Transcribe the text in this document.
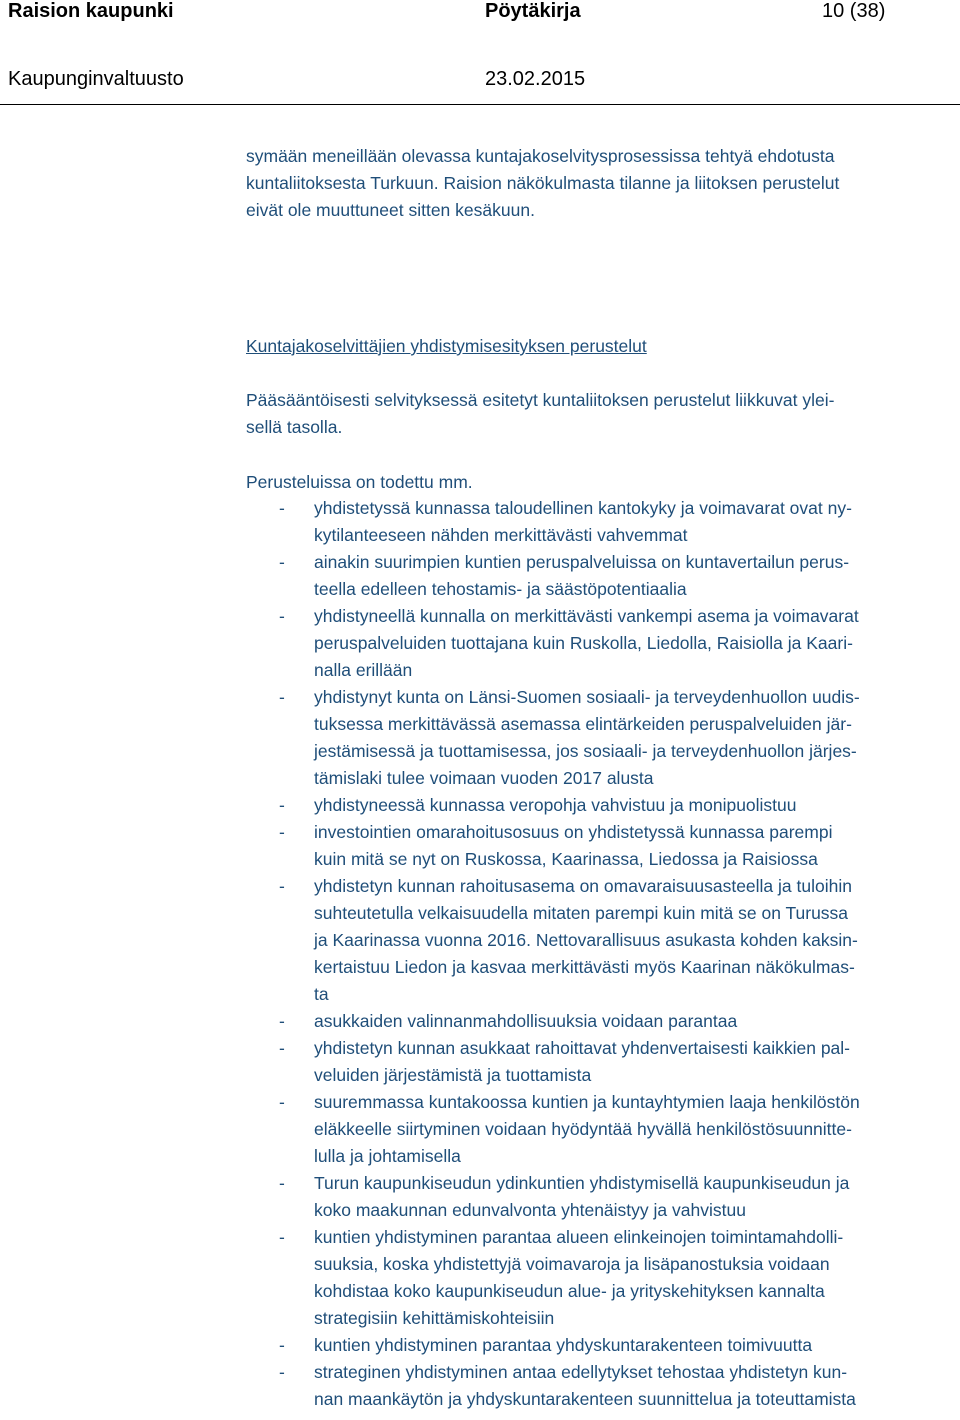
Raision kaupunki	Pöytäkirja	10 (38)
Kaupunginvaltuusto	23.02.2015
symään meneillään olevassa kuntajakoselvitysprosessissa tehtyä ehdotusta
kuntaliitoksesta Turkuun. Raision näkökulmasta tilanne ja liitoksen perustelut
eivät ole muuttuneet sitten kesäkuun.
Kuntajakoselvittäjien yhdistymisesityksen perustelut
Pääsääntöisesti selvityksessä esitetyt kuntaliitoksen perustelut liikkuvat ylei-
sellä tasolla.
Perusteluissa on todettu mm.
- yhdistetyssä kunnassa taloudellinen kantokyky ja voimavarat ovat ny-
kytilanteeseen nähden merkittävästi vahvemmat
- ainakin suurimpien kuntien peruspalveluissa on kuntavertailun perus-
teella edelleen tehostamis- ja säästöpotentiaalia
- yhdistyneellä kunnalla on merkittävästi vankempi asema ja voimavarat
peruspalveluiden tuottajana kuin Ruskolla, Liedolla, Raisiolla ja Kaari-
nalla erillään
- yhdistynyt kunta on Länsi-Suomen sosiaali- ja terveydenhuollon uudis-
tuksessa merkittävässä asemassa elintärkeiden peruspalveluiden jär-
jestämisessä ja tuottamisessa, jos sosiaali- ja terveydenhuollon järjes-
tämislaki tulee voimaan vuoden 2017 alusta
- yhdistyneessä kunnassa veropohja vahvistuu ja monipuolistuu
- investointien omarahoitusosuus on yhdistetyssä kunnassa parempi
kuin mitä se nyt on Ruskossa, Kaarinassa, Liedossa ja Raisiossa
- yhdistetyn kunnan rahoitusasema on omavaraisuusasteella ja tuloihin
suhteutetulla velkaisuudella mitaten parempi kuin mitä se on Turussa
ja Kaarinassa vuonna 2016. Nettovarallisuus asukasta kohden kaksin-
kertaistuu Liedon ja kasvaa merkittävästi myös Kaarinan näkökulmas-
ta
- asukkaiden valinnanmahdollisuuksia voidaan parantaa
- yhdistetyn kunnan asukkaat rahoittavat yhdenvertaisesti kaikkien pal-
veluiden järjestämistä ja tuottamista
- suuremmassa kuntakoossa kuntien ja kuntayhtymien laaja henkilöstön
eläkkeelle siirtyminen voidaan hyödyntää hyvällä henkilöstösuunnitte-
lulla ja johtamisella
- Turun kaupunkiseudun ydinkuntien yhdistymisellä kaupunkiseudun ja
koko maakunnan edunvalvonta yhtenäistyy ja vahvistuu
- kuntien yhdistyminen parantaa alueen elinkeinojen toimintamahdolli-
suuksia, koska yhdistettyjä voimavaroja ja lisäpanostuksia voidaan
kohdistaa koko kaupunkiseudun alue- ja yrityskehityksen kannalta
strategisiin kehittämiskohteisiin
- kuntien yhdistyminen parantaa yhdyskuntarakenteen toimivuutta
- strateginen yhdistyminen antaa edellytykset tehostaa yhdistetyn kun-
nan maankäytön ja yhdyskuntarakenteen suunnittelua ja toteuttamista
